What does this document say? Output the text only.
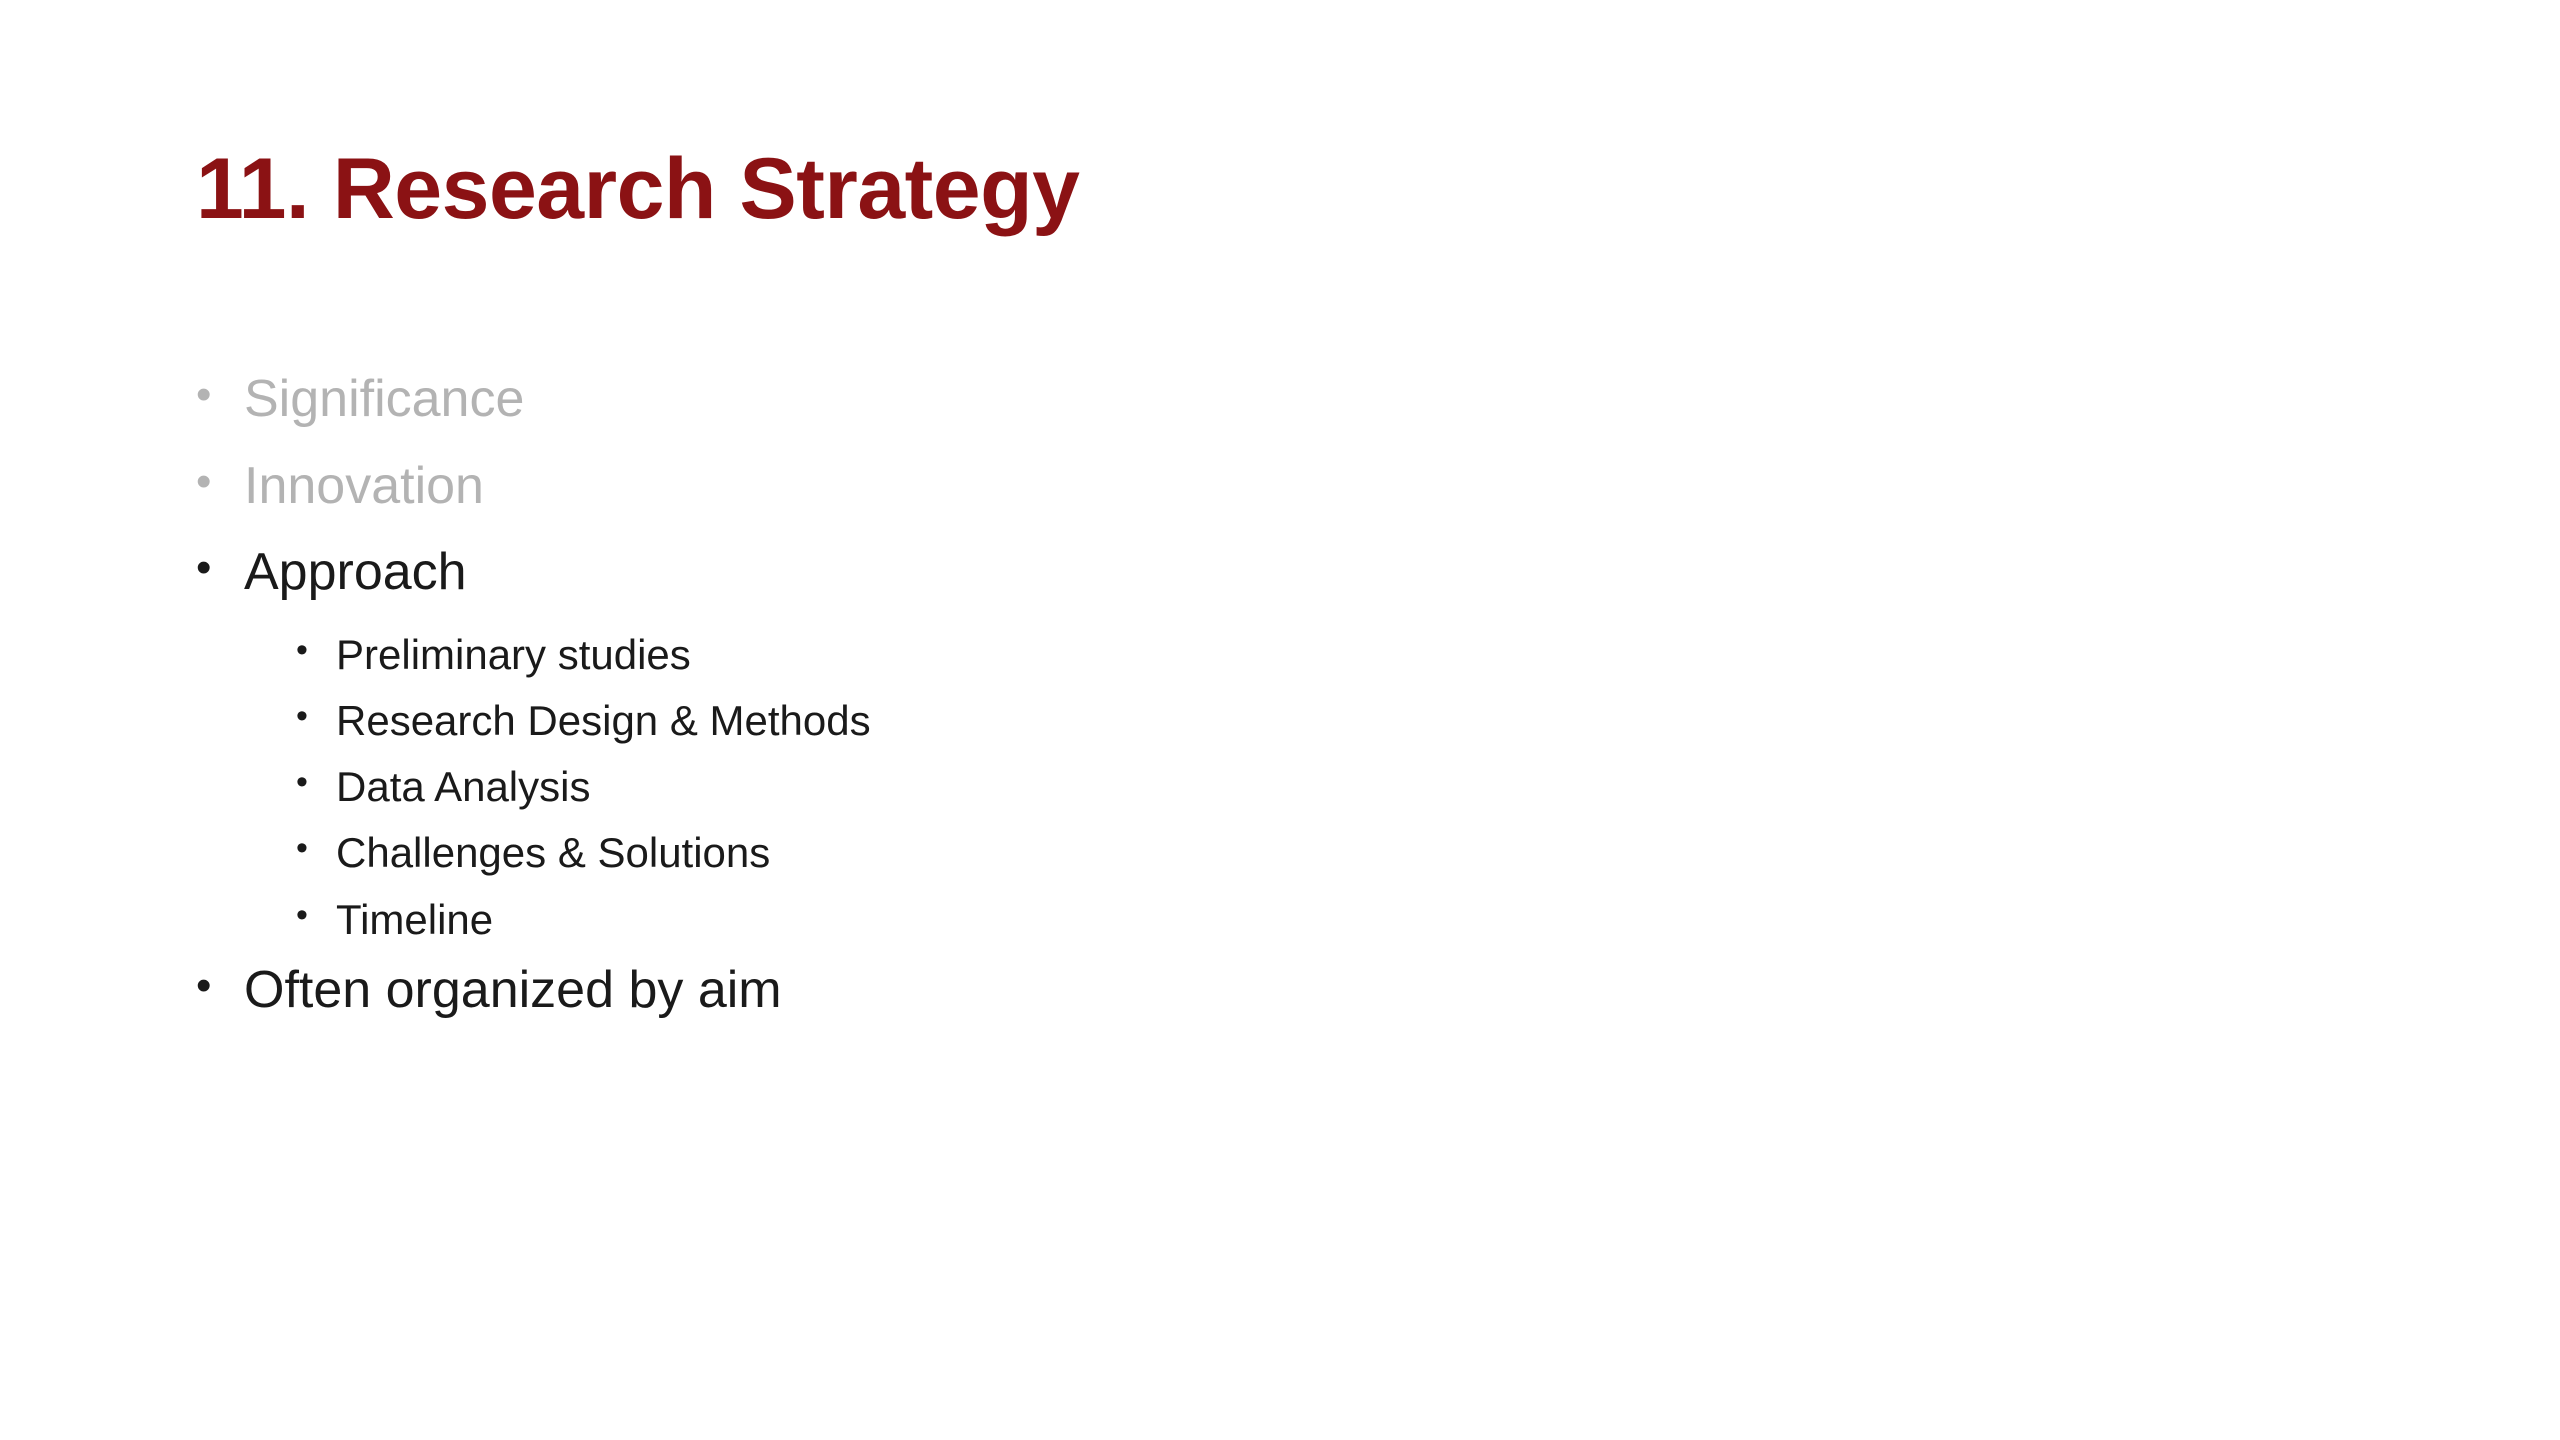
11. Research Strategy
• Significance
• Innovation
• Approach
• Preliminary studies
• Research Design & Methods
• Data Analysis
• Challenges & Solutions
• Timeline
• Often organized by aim
